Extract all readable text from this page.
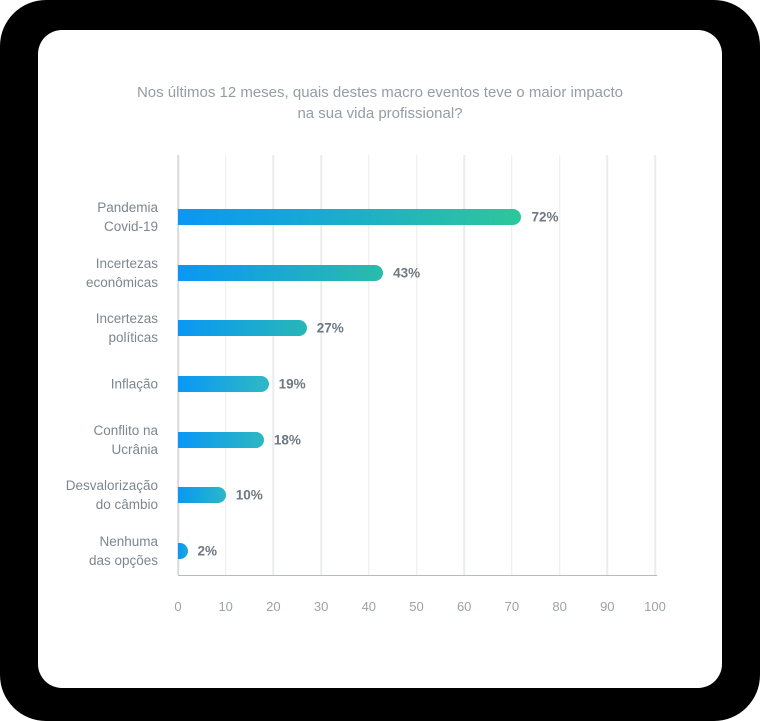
Nos últimos 12 meses, quais destes macro eventos teve o maior impacto
na sua vida profissional?
Pandemia
Covid-19
72%
Incertezas
econômicas
43%
Incertezas
políticas
27%
Inflação	19%
Conflito na
Ucrânia
18%
Desvalorização
do câmbio
10%
Nenhuma
das opções
2%
0	10	20	30	40	50	60	70	80	90 100
